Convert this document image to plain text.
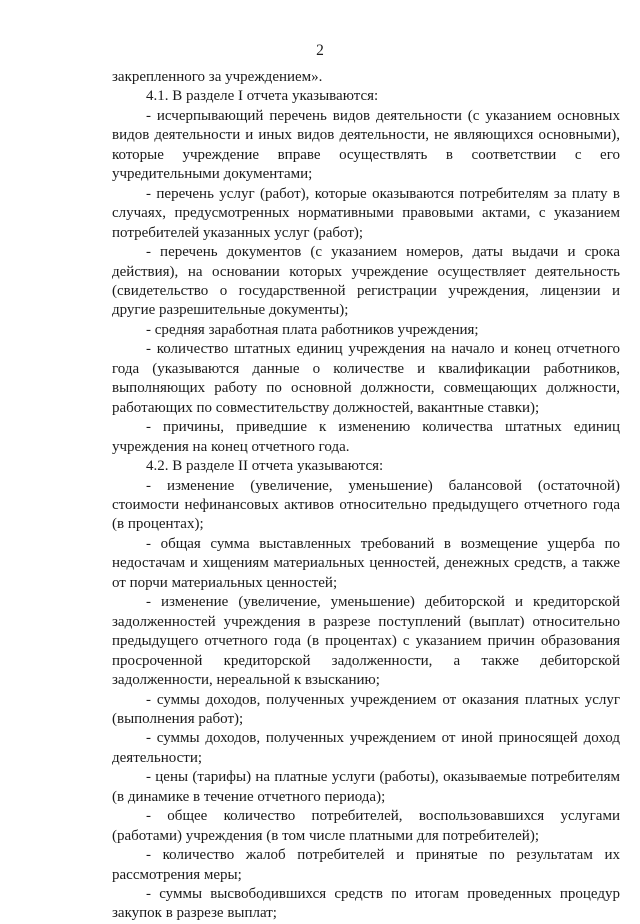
2

закрепленного за учреждением».

4.1. В разделе I отчета указываются:

- исчерпывающий перечень видов деятельности (с указанием основных видов деятельности и иных видов деятельности, не являющихся основными), которые учреждение вправе осуществлять в соответствии с его учредительными документами;

- перечень услуг (работ), которые оказываются потребителям за плату в случаях, предусмотренных нормативными правовыми актами, с указанием потребителей указанных услуг (работ);

- перечень документов (с указанием номеров, даты выдачи и срока действия), на основании которых учреждение осуществляет деятельность (свидетельство о государственной регистрации учреждения, лицензии и другие разрешительные документы);

- средняя заработная плата работников учреждения;

- количество штатных единиц учреждения на начало и конец отчетного года (указываются данные о количестве и квалификации работников, выполняющих работу по основной должности, совмещающих должности, работающих по совместительству должностей, вакантные ставки);

- причины, приведшие к изменению количества штатных единиц учреждения на конец отчетного года.

4.2. В разделе II отчета указываются:

- изменение (увеличение, уменьшение) балансовой (остаточной) стоимости нефинансовых активов относительно предыдущего отчетного года (в процентах);

- общая сумма выставленных требований в возмещение ущерба по недостачам и хищениям материальных ценностей, денежных средств, а также от порчи материальных ценностей;

- изменение (увеличение, уменьшение) дебиторской и кредиторской задолженностей учреждения в разрезе поступлений (выплат) относительно предыдущего отчетного года (в процентах) с указанием причин образования просроченной кредиторской задолженности, а также дебиторской задолженности, нереальной к взысканию;

- суммы доходов, полученных учреждением от оказания платных услуг (выполнения работ);

- суммы доходов, полученных учреждением от иной приносящей доход деятельности;

- цены (тарифы) на платные услуги (работы), оказываемые потребителям (в динамике в течение отчетного периода);

- общее количество потребителей, воспользовавшихся услугами (работами) учреждения (в том числе платными для потребителей);

- количество жалоб потребителей и принятые по результатам их рассмотрения меры;

- суммы высвободившихся средств по итогам проведенных процедур закупок в разрезе выплат;
